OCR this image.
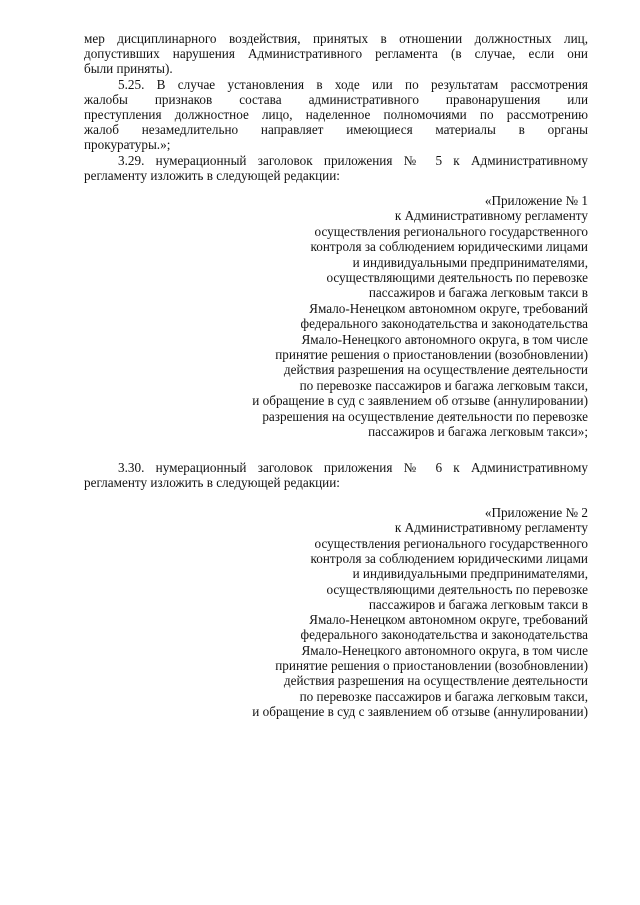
мер дисциплинарного воздействия, принятых в отношении должностных лиц,
допустивших нарушения Административного регламента (в случае, если они
были приняты).
5.25. В случае установления в ходе или по результатам рассмотрения
жалобы признаков состава административного правонарушения или
преступления должностное лицо, наделенное полномочиями по рассмотрению
жалоб незамедлительно направляет имеющиеся материалы в органы
прокуратуры.»;
3.29. нумерационный заголовок приложения № 5 к Административному
регламенту изложить в следующей редакции:
«Приложение № 1
к Административному регламенту
осуществления регионального государственного
контроля за соблюдением юридическими лицами
и индивидуальными предпринимателями,
осуществляющими деятельность по перевозке
пассажиров и багажа легковым такси в
Ямало-Ненецком автономном округе, требований
федерального законодательства и законодательства
Ямало-Ненецкого автономного округа, в том числе
принятие решения о приостановлении (возобновлении)
действия разрешения на осуществление деятельности
по перевозке пассажиров и багажа легковым такси,
и обращение в суд с заявлением об отзыве (аннулировании)
разрешения на осуществление деятельности по перевозке
пассажиров и багажа легковым такси»;
3.30. нумерационный заголовок приложения № 6 к Административному
регламенту изложить в следующей редакции:
«Приложение № 2
к Административному регламенту
осуществления регионального государственного
контроля за соблюдением юридическими лицами
и индивидуальными предпринимателями,
осуществляющими деятельность по перевозке
пассажиров и багажа легковым такси в
Ямало-Ненецком автономном округе, требований
федерального законодательства и законодательства
Ямало-Ненецкого автономного округа, в том числе
принятие решения о приостановлении (возобновлении)
действия разрешения на осуществление деятельности
по перевозке пассажиров и багажа легковым такси,
и обращение в суд с заявлением об отзыве (аннулировании)
